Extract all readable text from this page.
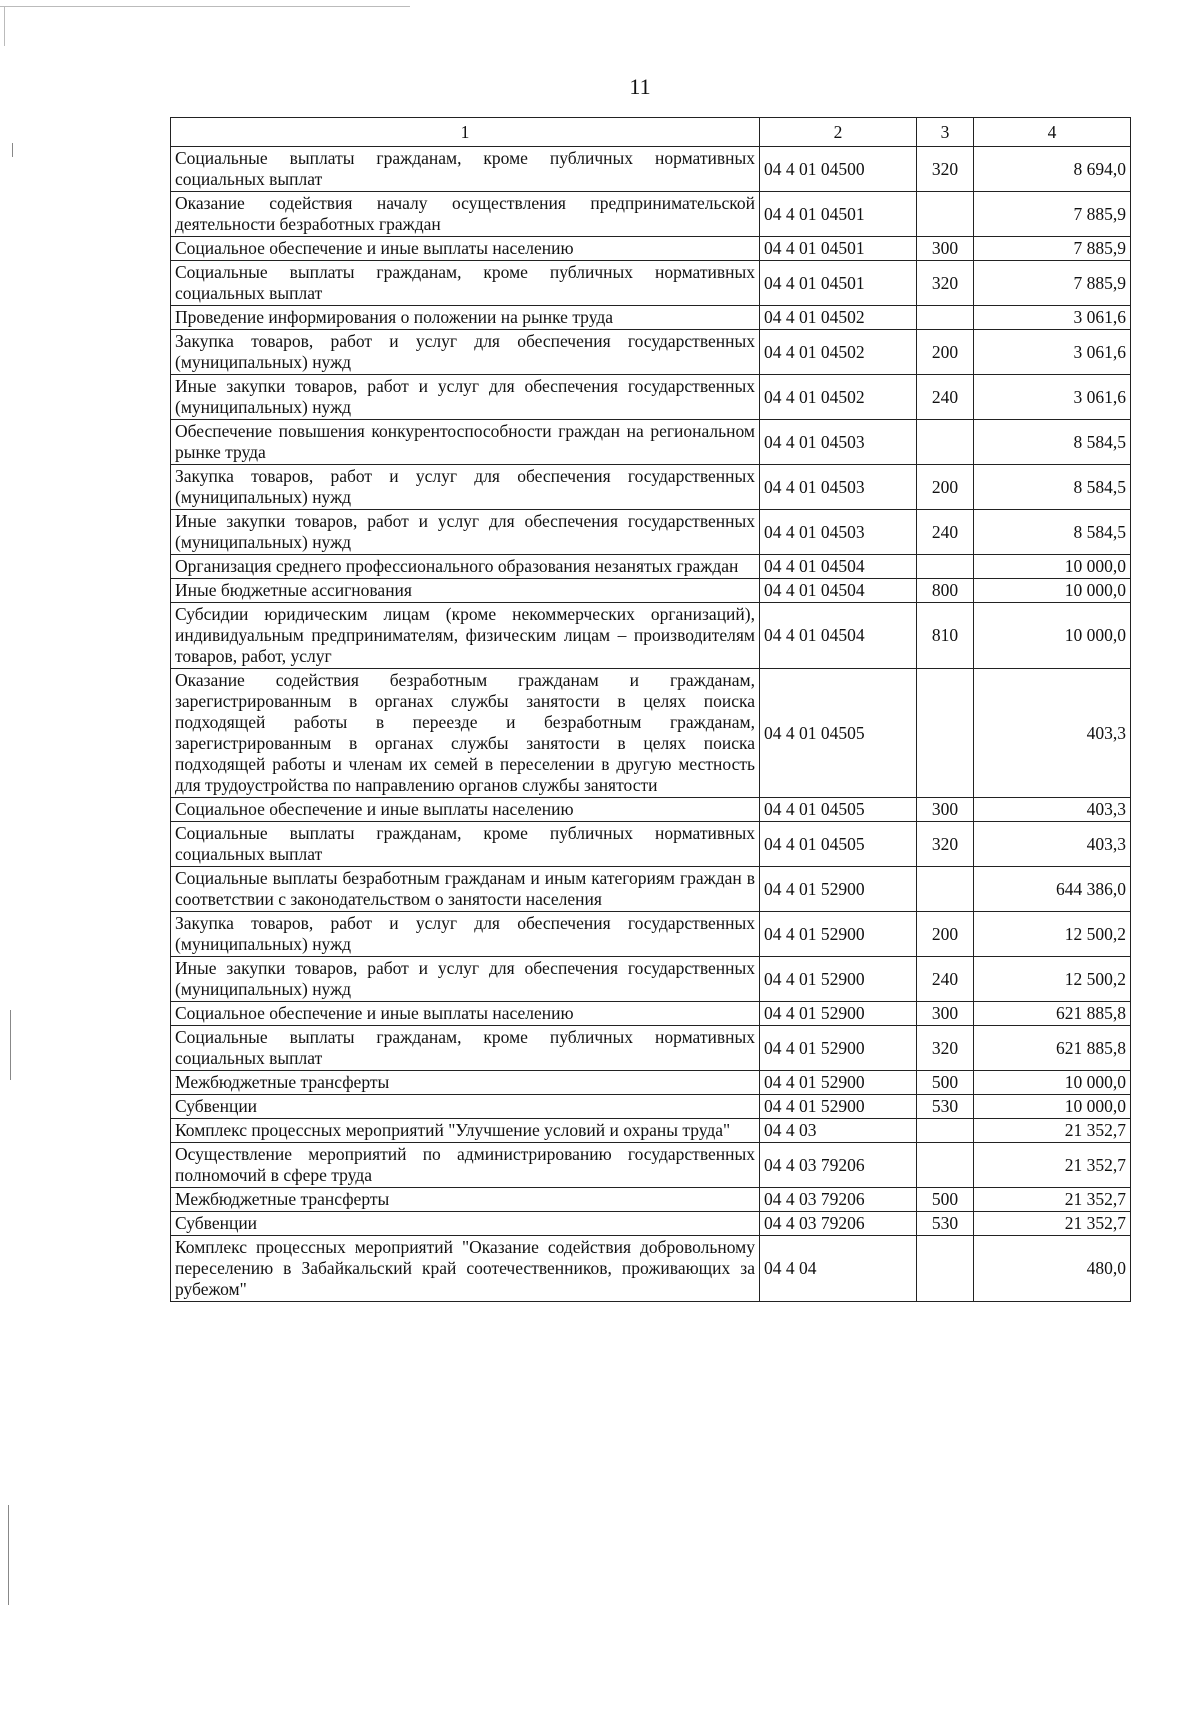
11
1	2	3	4
Социальные выплаты гражданам, кроме публичных нормативных социальных выплат	04 4 01 04500	320	8 694,0
Оказание содействия началу осуществления предпринимательской деятельности безработных граждан	04 4 01 04501		7 885,9
Социальное обеспечение и иные выплаты населению	04 4 01 04501	300	7 885,9
Социальные выплаты гражданам, кроме публичных нормативных социальных выплат	04 4 01 04501	320	7 885,9
Проведение информирования о положении на рынке труда	04 4 01 04502		3 061,6
Закупка товаров, работ и услуг для обеспечения государственных (муниципальных) нужд	04 4 01 04502	200	3 061,6
Иные закупки товаров, работ и услуг для обеспечения государственных (муниципальных) нужд	04 4 01 04502	240	3 061,6
Обеспечение повышения конкурентоспособности граждан на региональном рынке труда	04 4 01 04503		8 584,5
Закупка товаров, работ и услуг для обеспечения государственных (муниципальных) нужд	04 4 01 04503	200	8 584,5
Иные закупки товаров, работ и услуг для обеспечения государственных (муниципальных) нужд	04 4 01 04503	240	8 584,5
Организация среднего профессионального образования незанятых граждан	04 4 01 04504		10 000,0
Иные бюджетные ассигнования	04 4 01 04504	800	10 000,0
Субсидии юридическим лицам (кроме некоммерческих организаций), индивидуальным предпринимателям, физическим лицам – производителям товаров, работ, услуг	04 4 01 04504	810	10 000,0
Оказание содействия безработным гражданам и гражданам, зарегистрированным в органах службы занятости в целях поиска подходящей работы в переезде и безработным гражданам, зарегистрированным в органах службы занятости в целях поиска подходящей работы и членам их семей в переселении в другую местность для трудоустройства по направлению органов службы занятости	04 4 01 04505		403,3
Социальное обеспечение и иные выплаты населению	04 4 01 04505	300	403,3
Социальные выплаты гражданам, кроме публичных нормативных социальных выплат	04 4 01 04505	320	403,3
Социальные выплаты безработным гражданам и иным категориям граждан в соответствии с законодательством о занятости населения	04 4 01 52900		644 386,0
Закупка товаров, работ и услуг для обеспечения государственных (муниципальных) нужд	04 4 01 52900	200	12 500,2
Иные закупки товаров, работ и услуг для обеспечения государственных (муниципальных) нужд	04 4 01 52900	240	12 500,2
Социальное обеспечение и иные выплаты населению	04 4 01 52900	300	621 885,8
Социальные выплаты гражданам, кроме публичных нормативных социальных выплат	04 4 01 52900	320	621 885,8
Межбюджетные трансферты	04 4 01 52900	500	10 000,0
Субвенции	04 4 01 52900	530	10 000,0
Комплекс процессных мероприятий "Улучшение условий и охраны труда"	04 4 03		21 352,7
Осуществление мероприятий по администрированию государственных полномочий в сфере труда	04 4 03 79206		21 352,7
Межбюджетные трансферты	04 4 03 79206	500	21 352,7
Субвенции	04 4 03 79206	530	21 352,7
Комплекс процессных мероприятий "Оказание содействия добровольному переселению в Забайкальский край соотечественников, проживающих за рубежом"	04 4 04		480,0
